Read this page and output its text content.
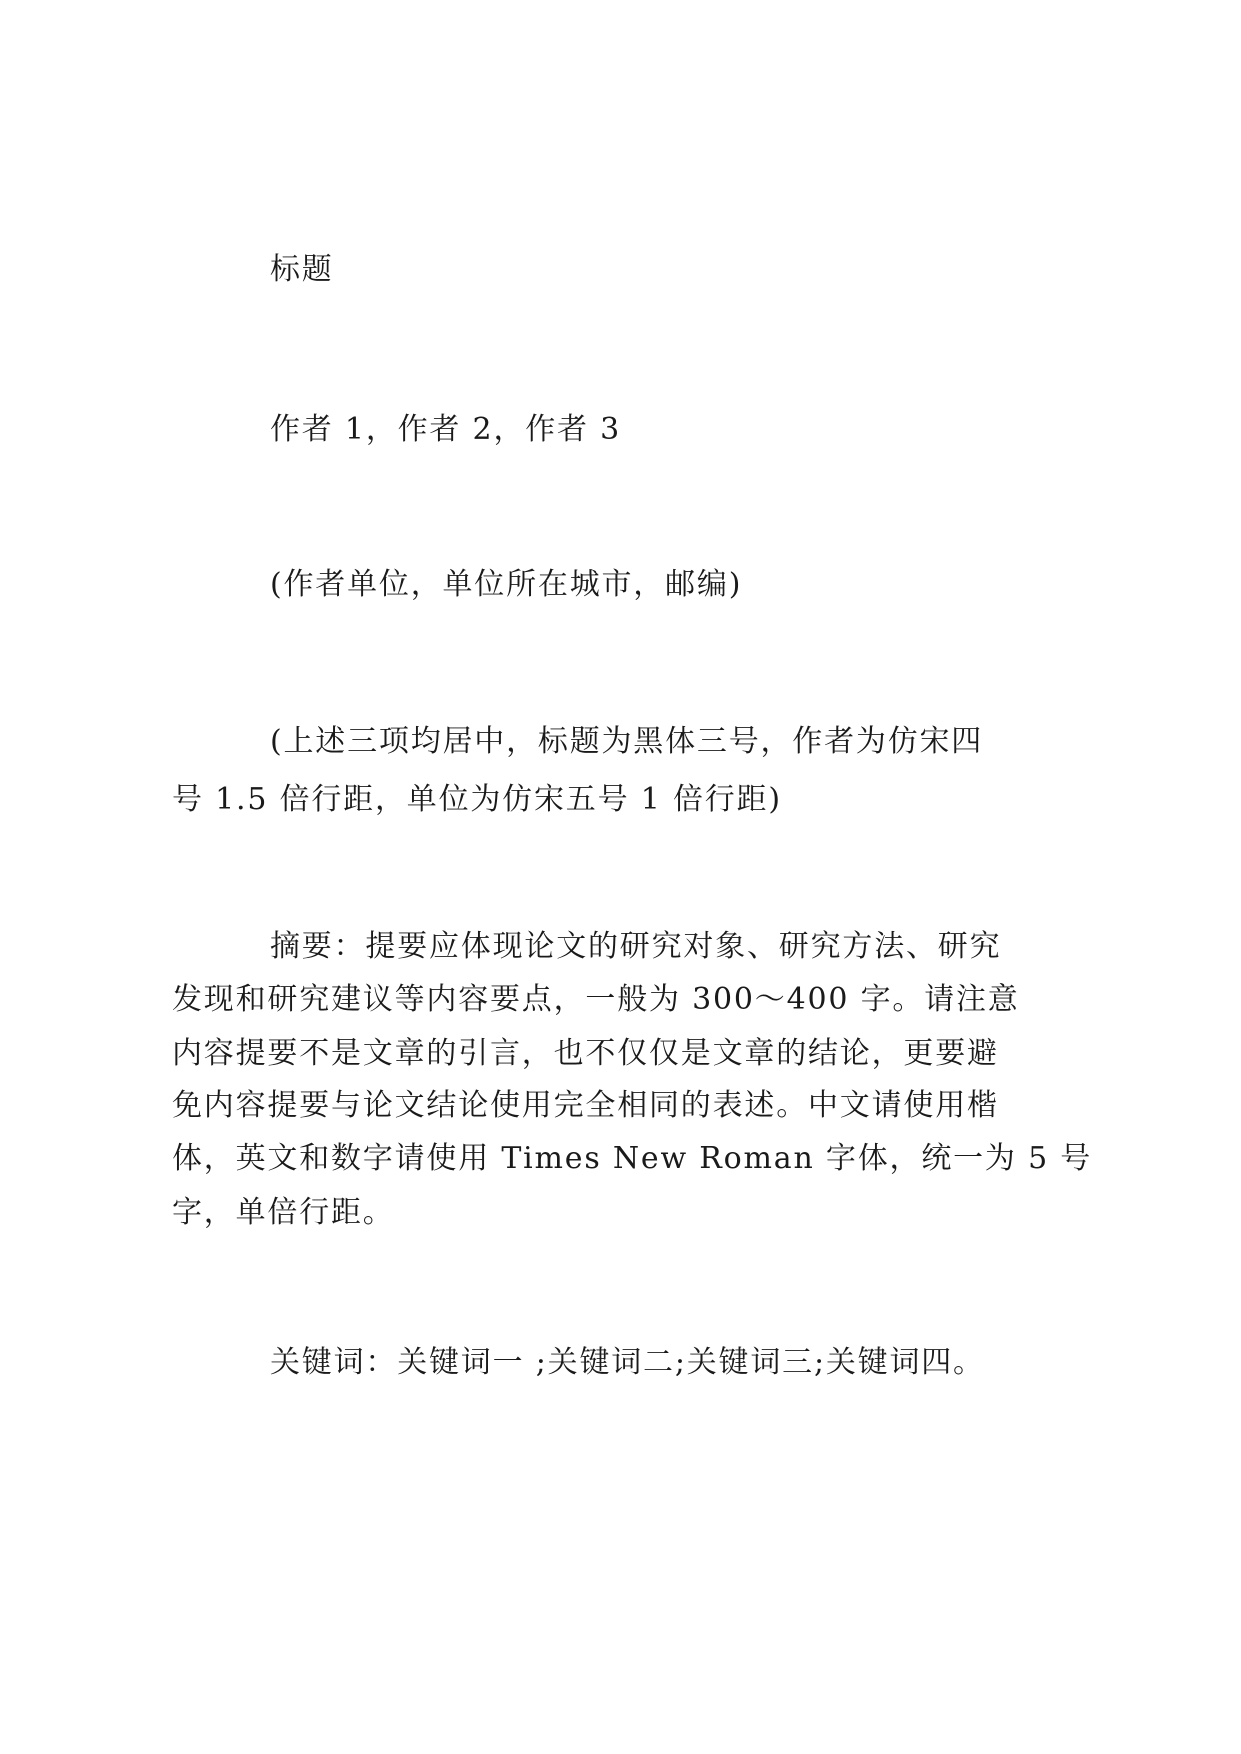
标题
作者 1，作者 2，作者 3
(作者单位，单位所在城市，邮编)
(上述三项均居中，标题为黑体三号，作者为仿宋四
号 1.5 倍行距，单位为仿宋五号 1 倍行距)
摘要：提要应体现论文的研究对象、研究方法、研究
发现和研究建议等内容要点，一般为 300～400 字。请注意
内容提要不是文章的引言，也不仅仅是文章的结论，更要避
免内容提要与论文结论使用完全相同的表述。中文请使用楷
体，英文和数字请使用 Times New Roman 字体，统一为 5 号
字，单倍行距。
关键词：关键词一 ;关键词二;关键词三;关键词四。
